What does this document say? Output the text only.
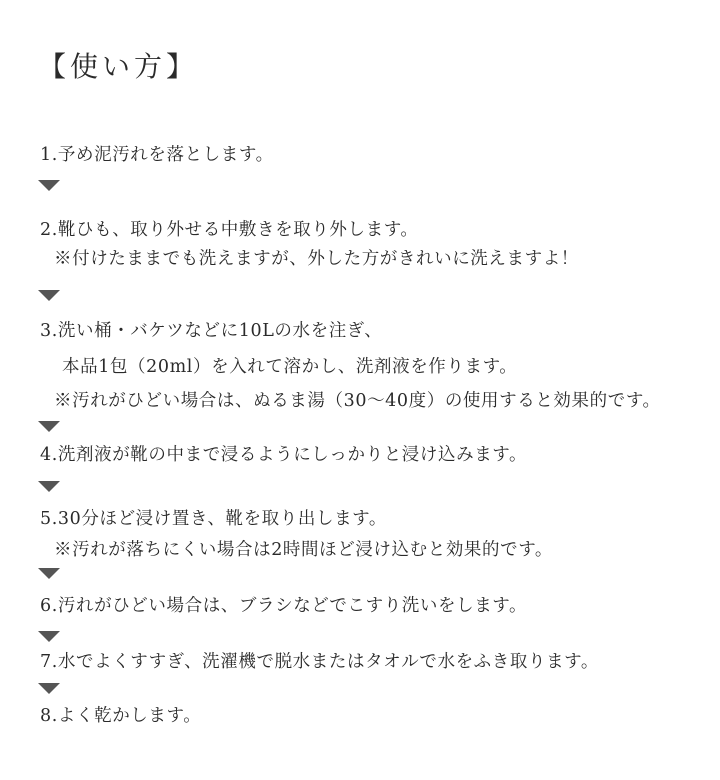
【使い方】
1.予め泥汚れを落とします。
2.靴ひも、取り外せる中敷きを取り外します。
※付けたままでも洗えますが、外した方がきれいに洗えますよ！
3.洗い桶・バケツなどに10Lの水を注ぎ、
本品1包（20ml）を入れて溶かし、洗剤液を作ります。
※汚れがひどい場合は、ぬるま湯（30～40度）の使用すると効果的です。
4.洗剤液が靴の中まで浸るようにしっかりと浸け込みます。
5.30分ほど浸け置き、靴を取り出します。
※汚れが落ちにくい場合は2時間ほど浸け込むと効果的です。
6.汚れがひどい場合は、ブラシなどでこすり洗いをします。
7.水でよくすすぎ、洗濯機で脱水またはタオルで水をふき取ります。
8.よく乾かします。
